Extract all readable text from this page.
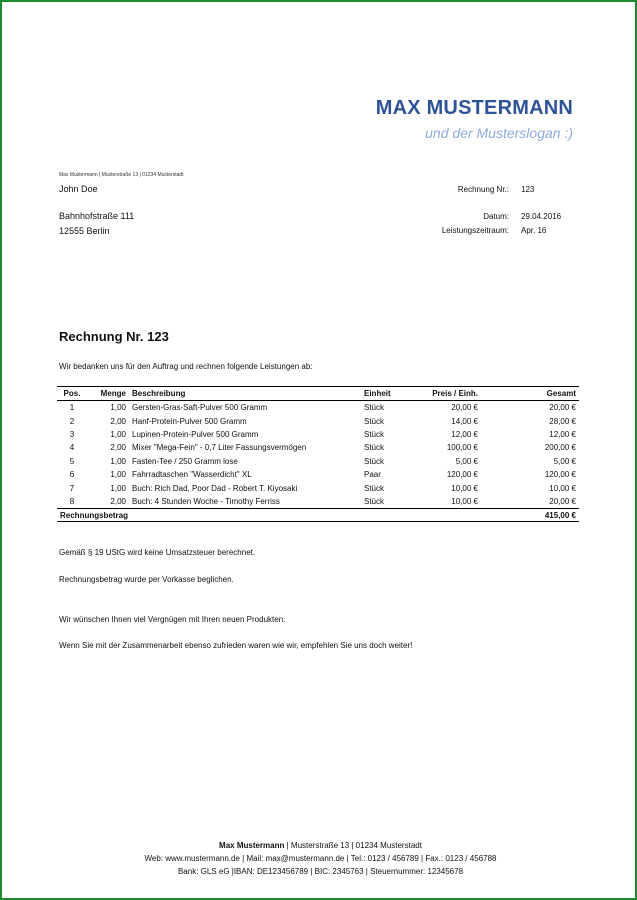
MAX MUSTERMANN
und der Musterslogan :)
Max Mustermann | Musterstraße 13 | 01234 Musterstadt
John Doe
Bahnhofstraße 111
12555 Berlin
Rechnung Nr.: 123
Datum: 29.04.2016
Leistungszeitraum: Apr. 16
Rechnung Nr. 123
Wir bedanken uns für den Auftrag und rechnen folgende Leistungen ab:
Pos.	Menge	Beschreibung	Einheit	Preis / Einh.	Gesamt
1	1,00	Gersten-Gras-Saft-Pulver 500 Gramm	Stück	20,00 €	20,00 €
2	2,00	Hanf-Protein-Pulver 500 Gramm	Stück	14,00 €	28,00 €
3	1,00	Lupinen-Protein-Pulver 500 Gramm	Stück	12,00 €	12,00 €
4	2,00	Mixer "Mega-Fein" - 0,7 Liter Fassungsvermögen	Stück	100,00 €	200,00 €
5	1,00	Fasten-Tee / 250 Gramm lose	Stück	5,00 €	5,00 €
6	1,00	Fahrradtaschen "Wasserdicht" XL	Paar	120,00 €	120,00 €
7	1,00	Buch: Rich Dad, Poor Dad - Robert T. Kiyosaki	Stück	10,00 €	10,00 €
8	2,00	Buch: 4 Stunden Woche - Timothy Ferriss	Stück	10,00 €	20,00 €
Rechnungsbetrag					415,00 €
Gemäß § 19 UStG wird keine Umsatzsteuer berechnet.
Rechnungsbetrag wurde per Vorkasse beglichen.
Wir wünschen Ihnen viel Vergnügen mit Ihren neuen Produkten.
Wenn Sie mit der Zusammenarbeit ebenso zufrieden waren wie wir, empfehlen Sie uns doch weiter!
Max Mustermann | Musterstraße 13 | 01234 Musterstadt
Web: www.mustermann.de | Mail: max@mustermann.de | Tel.: 0123 / 456789 | Fax.: 0123 / 456788
Bank: GLS eG |IBAN: DE123456789 | BIC: 2345763 | Steuernummer: 12345678
